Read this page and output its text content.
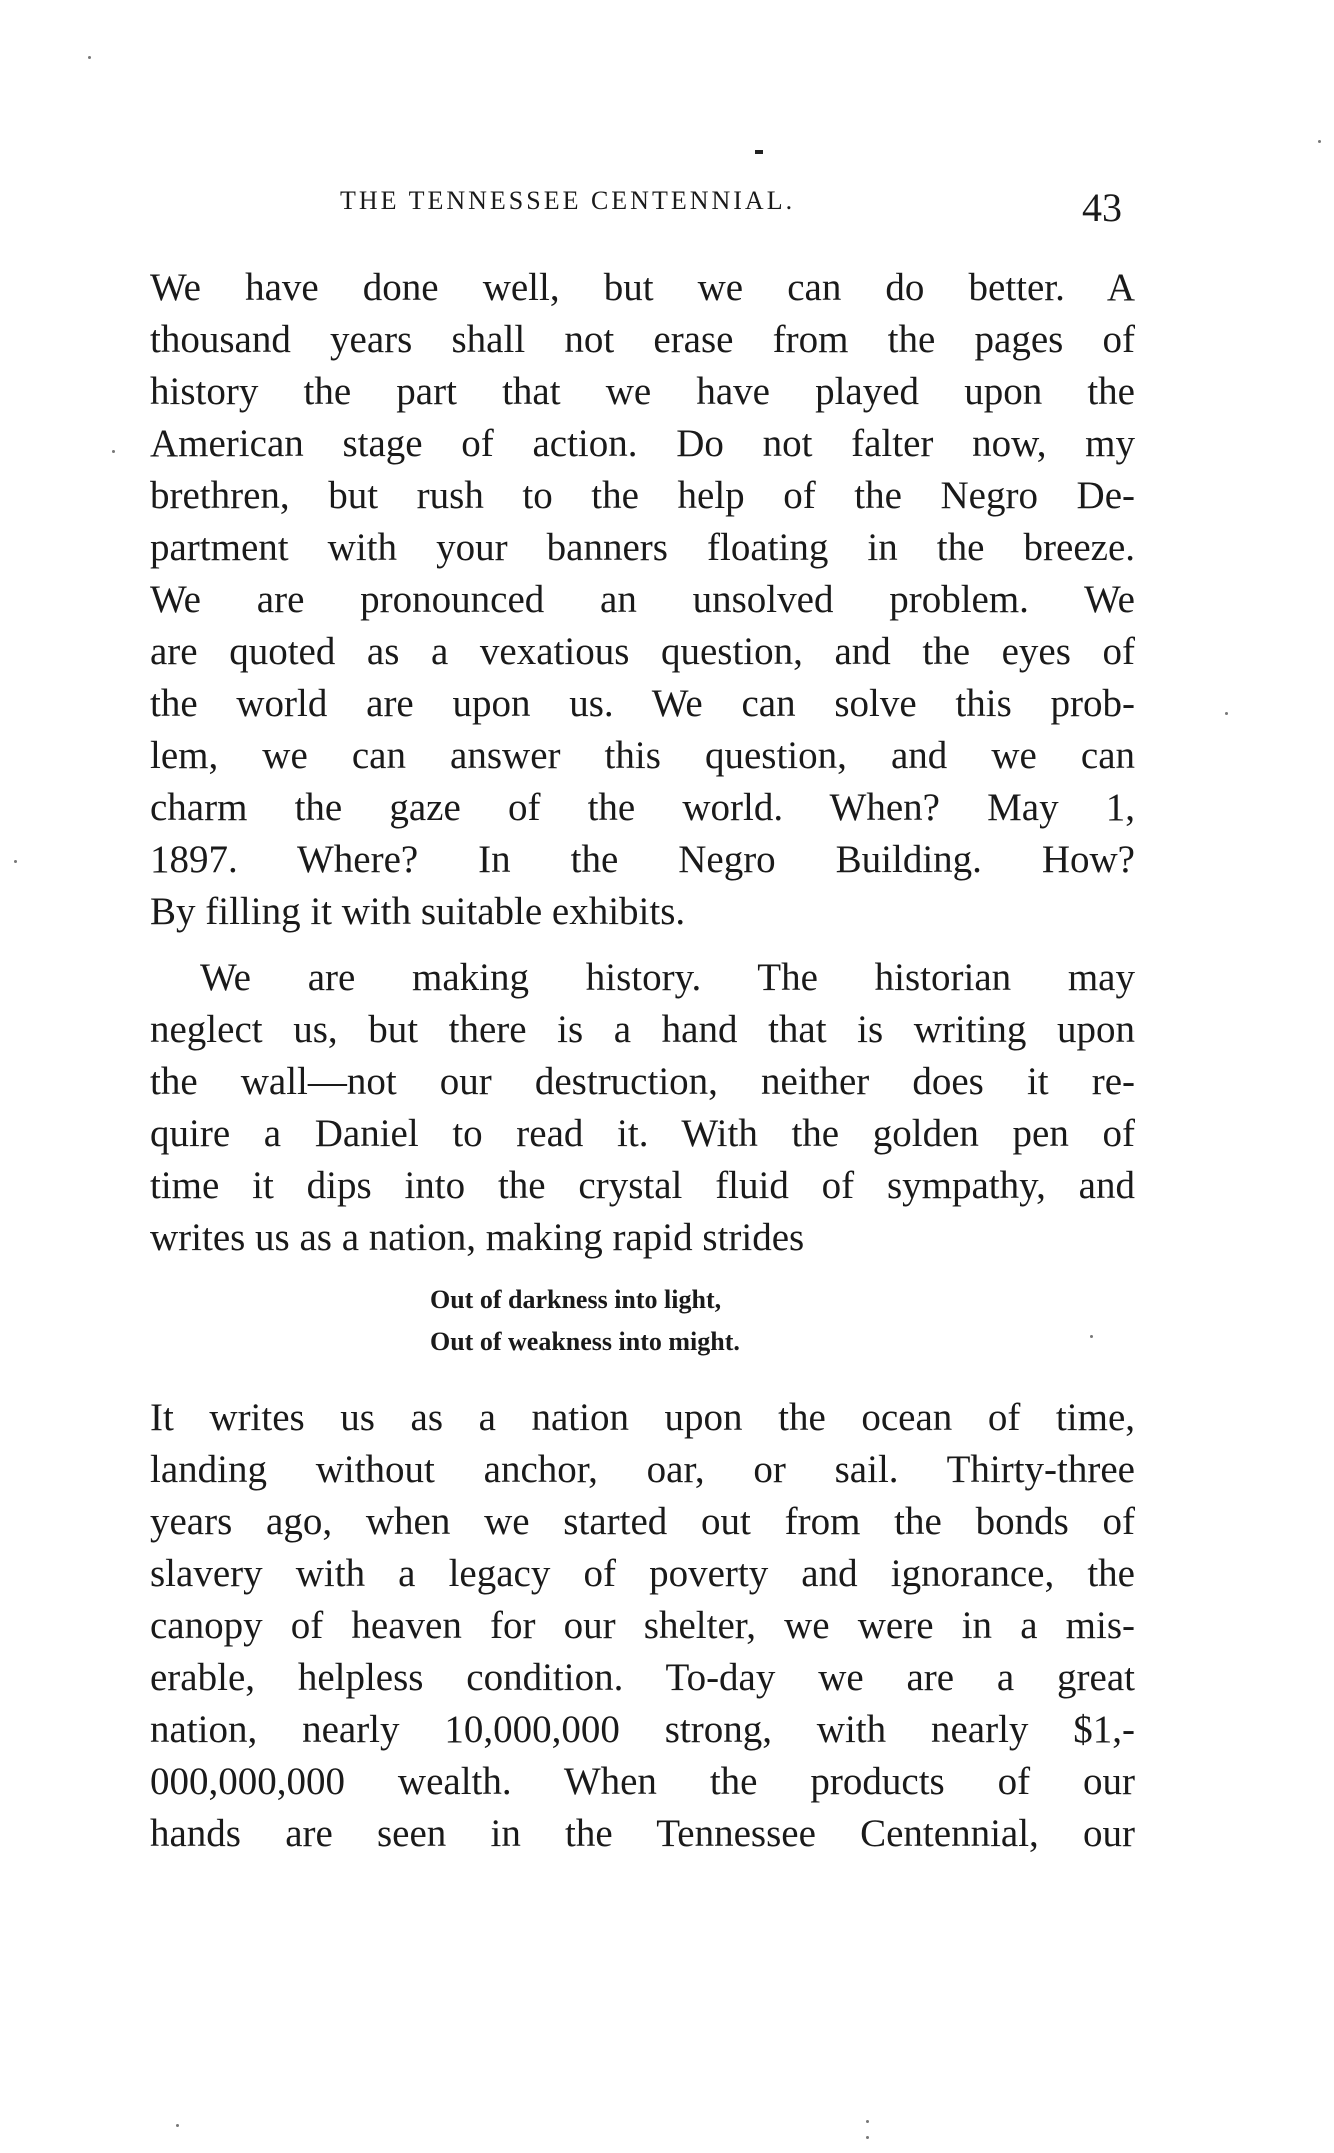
THE TENNESSEE CENTENNIAL.	43
We have done well, but we can do better. A
thousand years shall not erase from the pages of
history the part that we have played upon the
American stage of action. Do not falter now, my
brethren, but rush to the help of the Negro De-
partment with your banners floating in the breeze.
We are pronounced an unsolved problem. We
are quoted as a vexatious question, and the eyes of
the world are upon us. We can solve this prob-
lem, we can answer this question, and we can
charm the gaze of the world. When? May 1,
1897. Where? In the Negro Building. How?
By filling it with suitable exhibits.
We are making history. The historian may
neglect us, but there is a hand that is writing upon
the wall—not our destruction, neither does it re-
quire a Daniel to read it. With the golden pen of
time it dips into the crystal fluid of sympathy, and
writes us as a nation, making rapid strides
Out of darkness into light,
Out of weakness into might.
It writes us as a nation upon the ocean of time,
landing without anchor, oar, or sail. Thirty-three
years ago, when we started out from the bonds of
slavery with a legacy of poverty and ignorance, the
canopy of heaven for our shelter, we were in a mis-
erable, helpless condition. To-day we are a great
nation, nearly 10,000,000 strong, with nearly $1,-
000,000,000 wealth. When the products of our
hands are seen in the Tennessee Centennial, our
